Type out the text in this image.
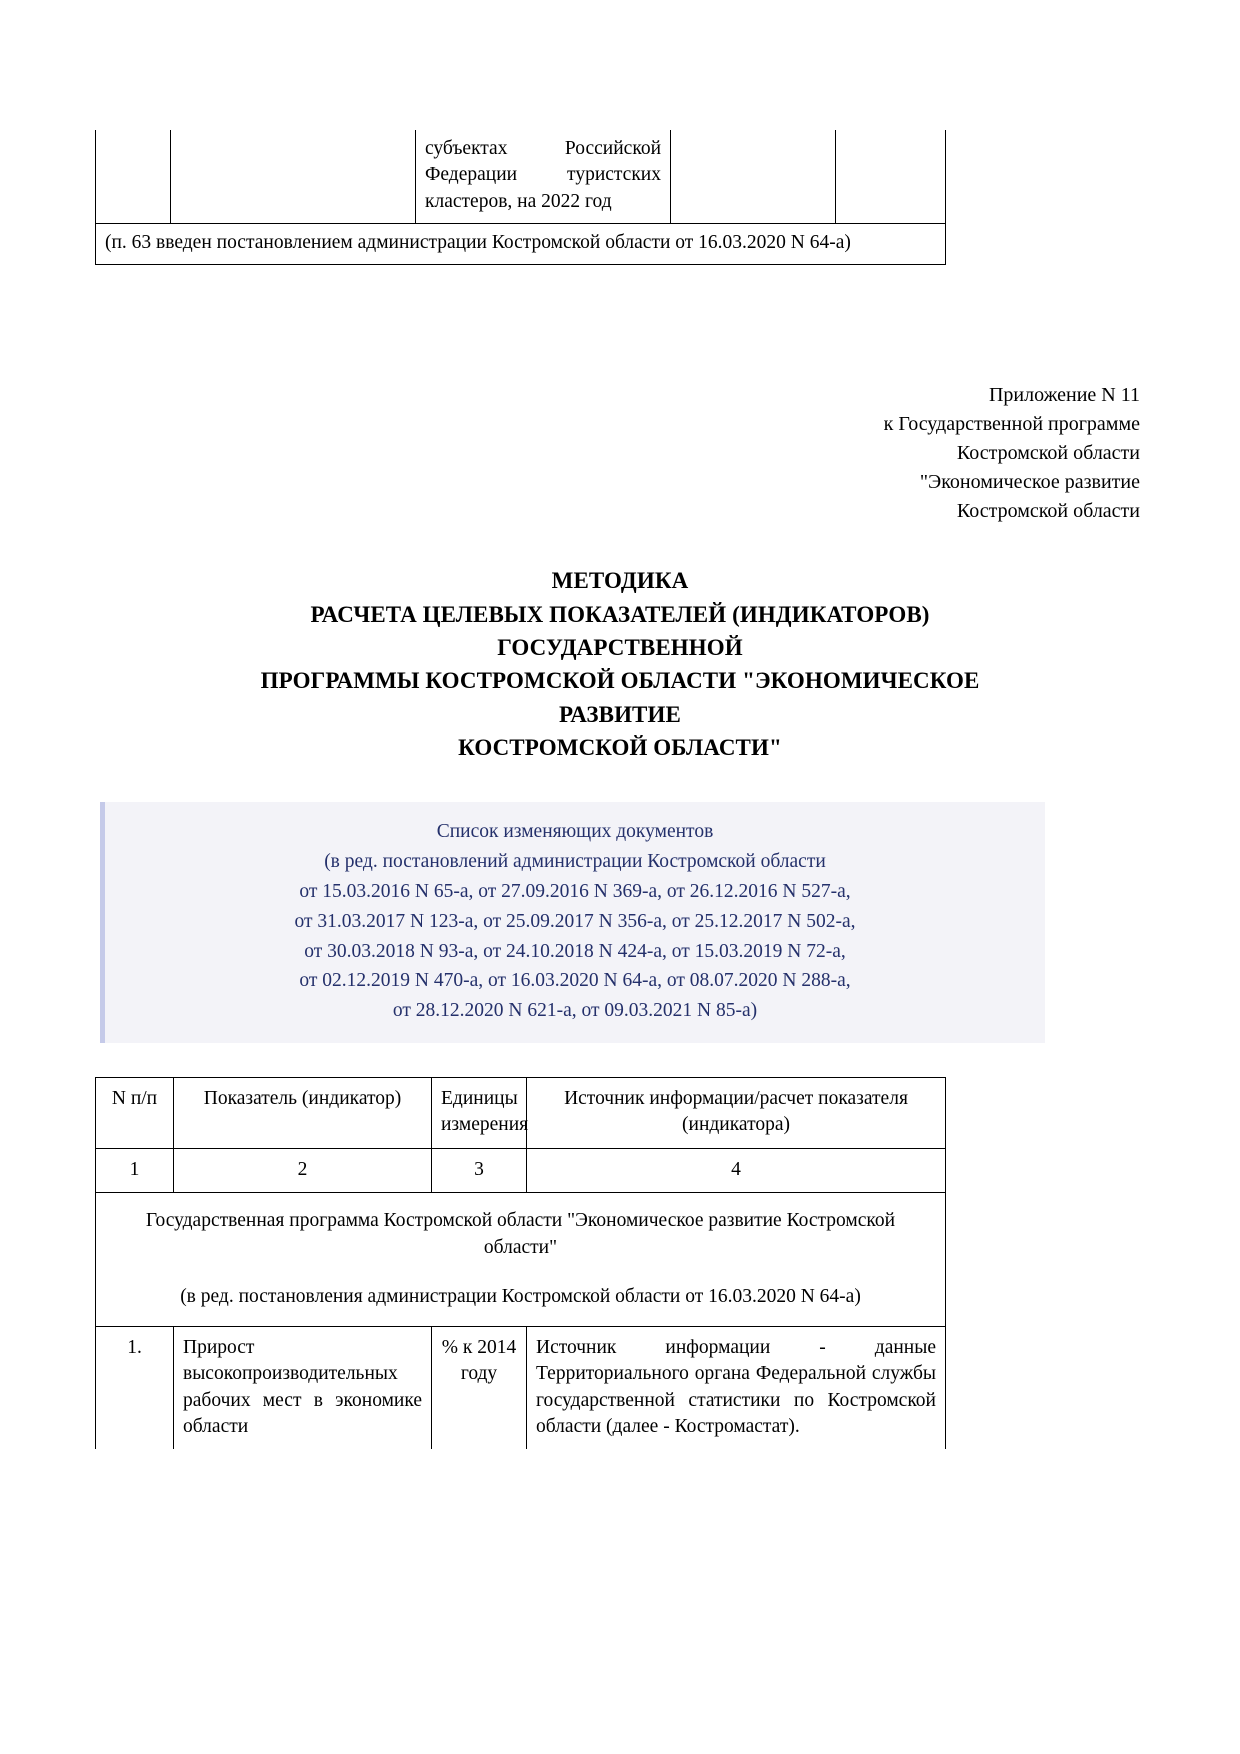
		субъектах Российской Федерации туристских кластеров, на 2022 год		
(п. 63 введен постановлением администрации Костромской области от 16.03.2020 N 64-а)
Приложение N 11
к Государственной программе
Костромской области
"Экономическое развитие
Костромской области
МЕТОДИКА
РАСЧЕТА ЦЕЛЕВЫХ ПОКАЗАТЕЛЕЙ (ИНДИКАТОРОВ)
ГОСУДАРСТВЕННОЙ
ПРОГРАММЫ КОСТРОМСКОЙ ОБЛАСТИ "ЭКОНОМИЧЕСКОЕ
РАЗВИТИЕ
КОСТРОМСКОЙ ОБЛАСТИ"
Список изменяющих документов
(в ред. постановлений администрации Костромской области
от 15.03.2016 N 65-а, от 27.09.2016 N 369-а, от 26.12.2016 N 527-а,
от 31.03.2017 N 123-а, от 25.09.2017 N 356-а, от 25.12.2017 N 502-а,
от 30.03.2018 N 93-а, от 24.10.2018 N 424-а, от 15.03.2019 N 72-а,
от 02.12.2019 N 470-а, от 16.03.2020 N 64-а, от 08.07.2020 N 288-а,
от 28.12.2020 N 621-а, от 09.03.2021 N 85-а)
N п/п	Показатель (индикатор)	Единицы измерения	Источник информации/расчет показателя (индикатора)
1	2	3	4

Государственная программа Костромской области "Экономическое развитие Костромской области"
(в ред. постановления администрации Костромской области от 16.03.2020 N 64-а)			

1.	Прирост высокопроизводительных рабочих мест в экономике области	% к 2014 году	Источник информации - данные Территориального органа Федеральной службы государственной статистики по Костромской области (далее - Костромастат).
